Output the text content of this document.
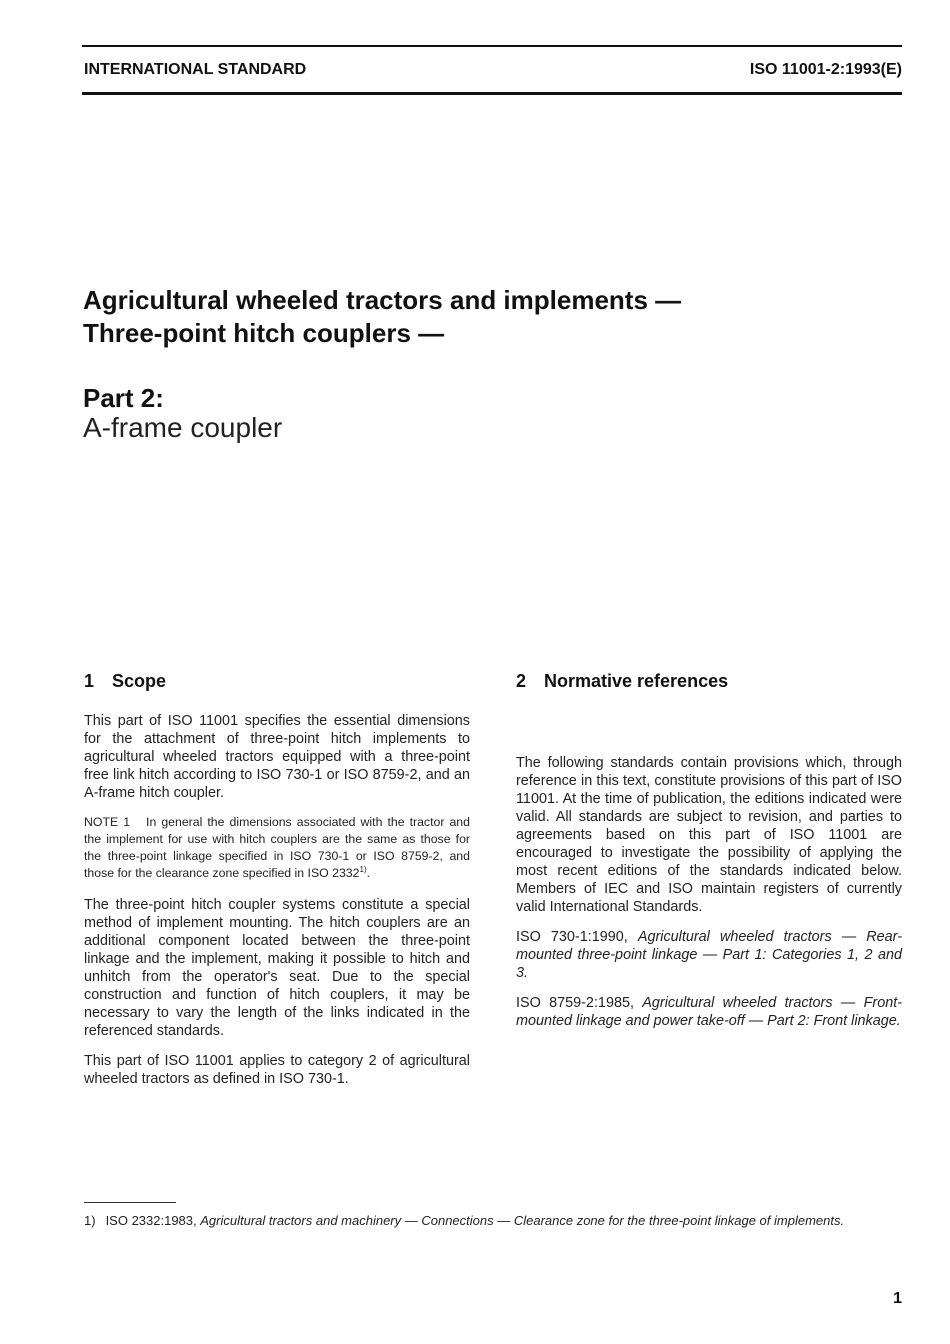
INTERNATIONAL STANDARD	ISO 11001-2:1993(E)
Agricultural wheeled tractors and implements —
Three-point hitch couplers —
Part 2:
A-frame coupler
1 Scope

This part of ISO 11001 specifies the essential dimensions for the attachment of three-point hitch implements to agricultural wheeled tractors equipped with a three-point free link hitch according to ISO 730-1 or ISO 8759-2, and an A-frame hitch coupler.

NOTE 1 In general the dimensions associated with the tractor and the implement for use with hitch couplers are the same as those for the three-point linkage specified in ISO 730-1 or ISO 8759-2, and those for the clearance zone specified in ISO 2332$^{1)}$.

The three-point hitch coupler systems constitute a special method of implement mounting. The hitch couplers are an additional component located between the three-point linkage and the implement, making it possible to hitch and unhitch from the operator's seat. Due to the special construction and function of hitch couplers, it may be necessary to vary the length of the links indicated in the referenced standards.

This part of ISO 11001 applies to category 2 of agricultural wheeled tractors as defined in ISO 730-1.

2 Normative references

The following standards contain provisions which, through reference in this text, constitute provisions of this part of ISO 11001. At the time of publication, the editions indicated were valid. All standards are subject to revision, and parties to agreements based on this part of ISO 11001 are encouraged to investigate the possibility of applying the most recent editions of the standards indicated below. Members of IEC and ISO maintain registers of currently valid International Standards.

ISO 730-1:1990, Agricultural wheeled tractors — Rear-mounted three-point linkage — Part 1: Categories 1, 2 and 3.

ISO 8759-2:1985, Agricultural wheeled tractors — Front-mounted linkage and power take-off — Part 2: Front linkage.

1) ISO 2332:1983, Agricultural tractors and machinery — Connections — Clearance zone for the three-point linkage of implements.
1
